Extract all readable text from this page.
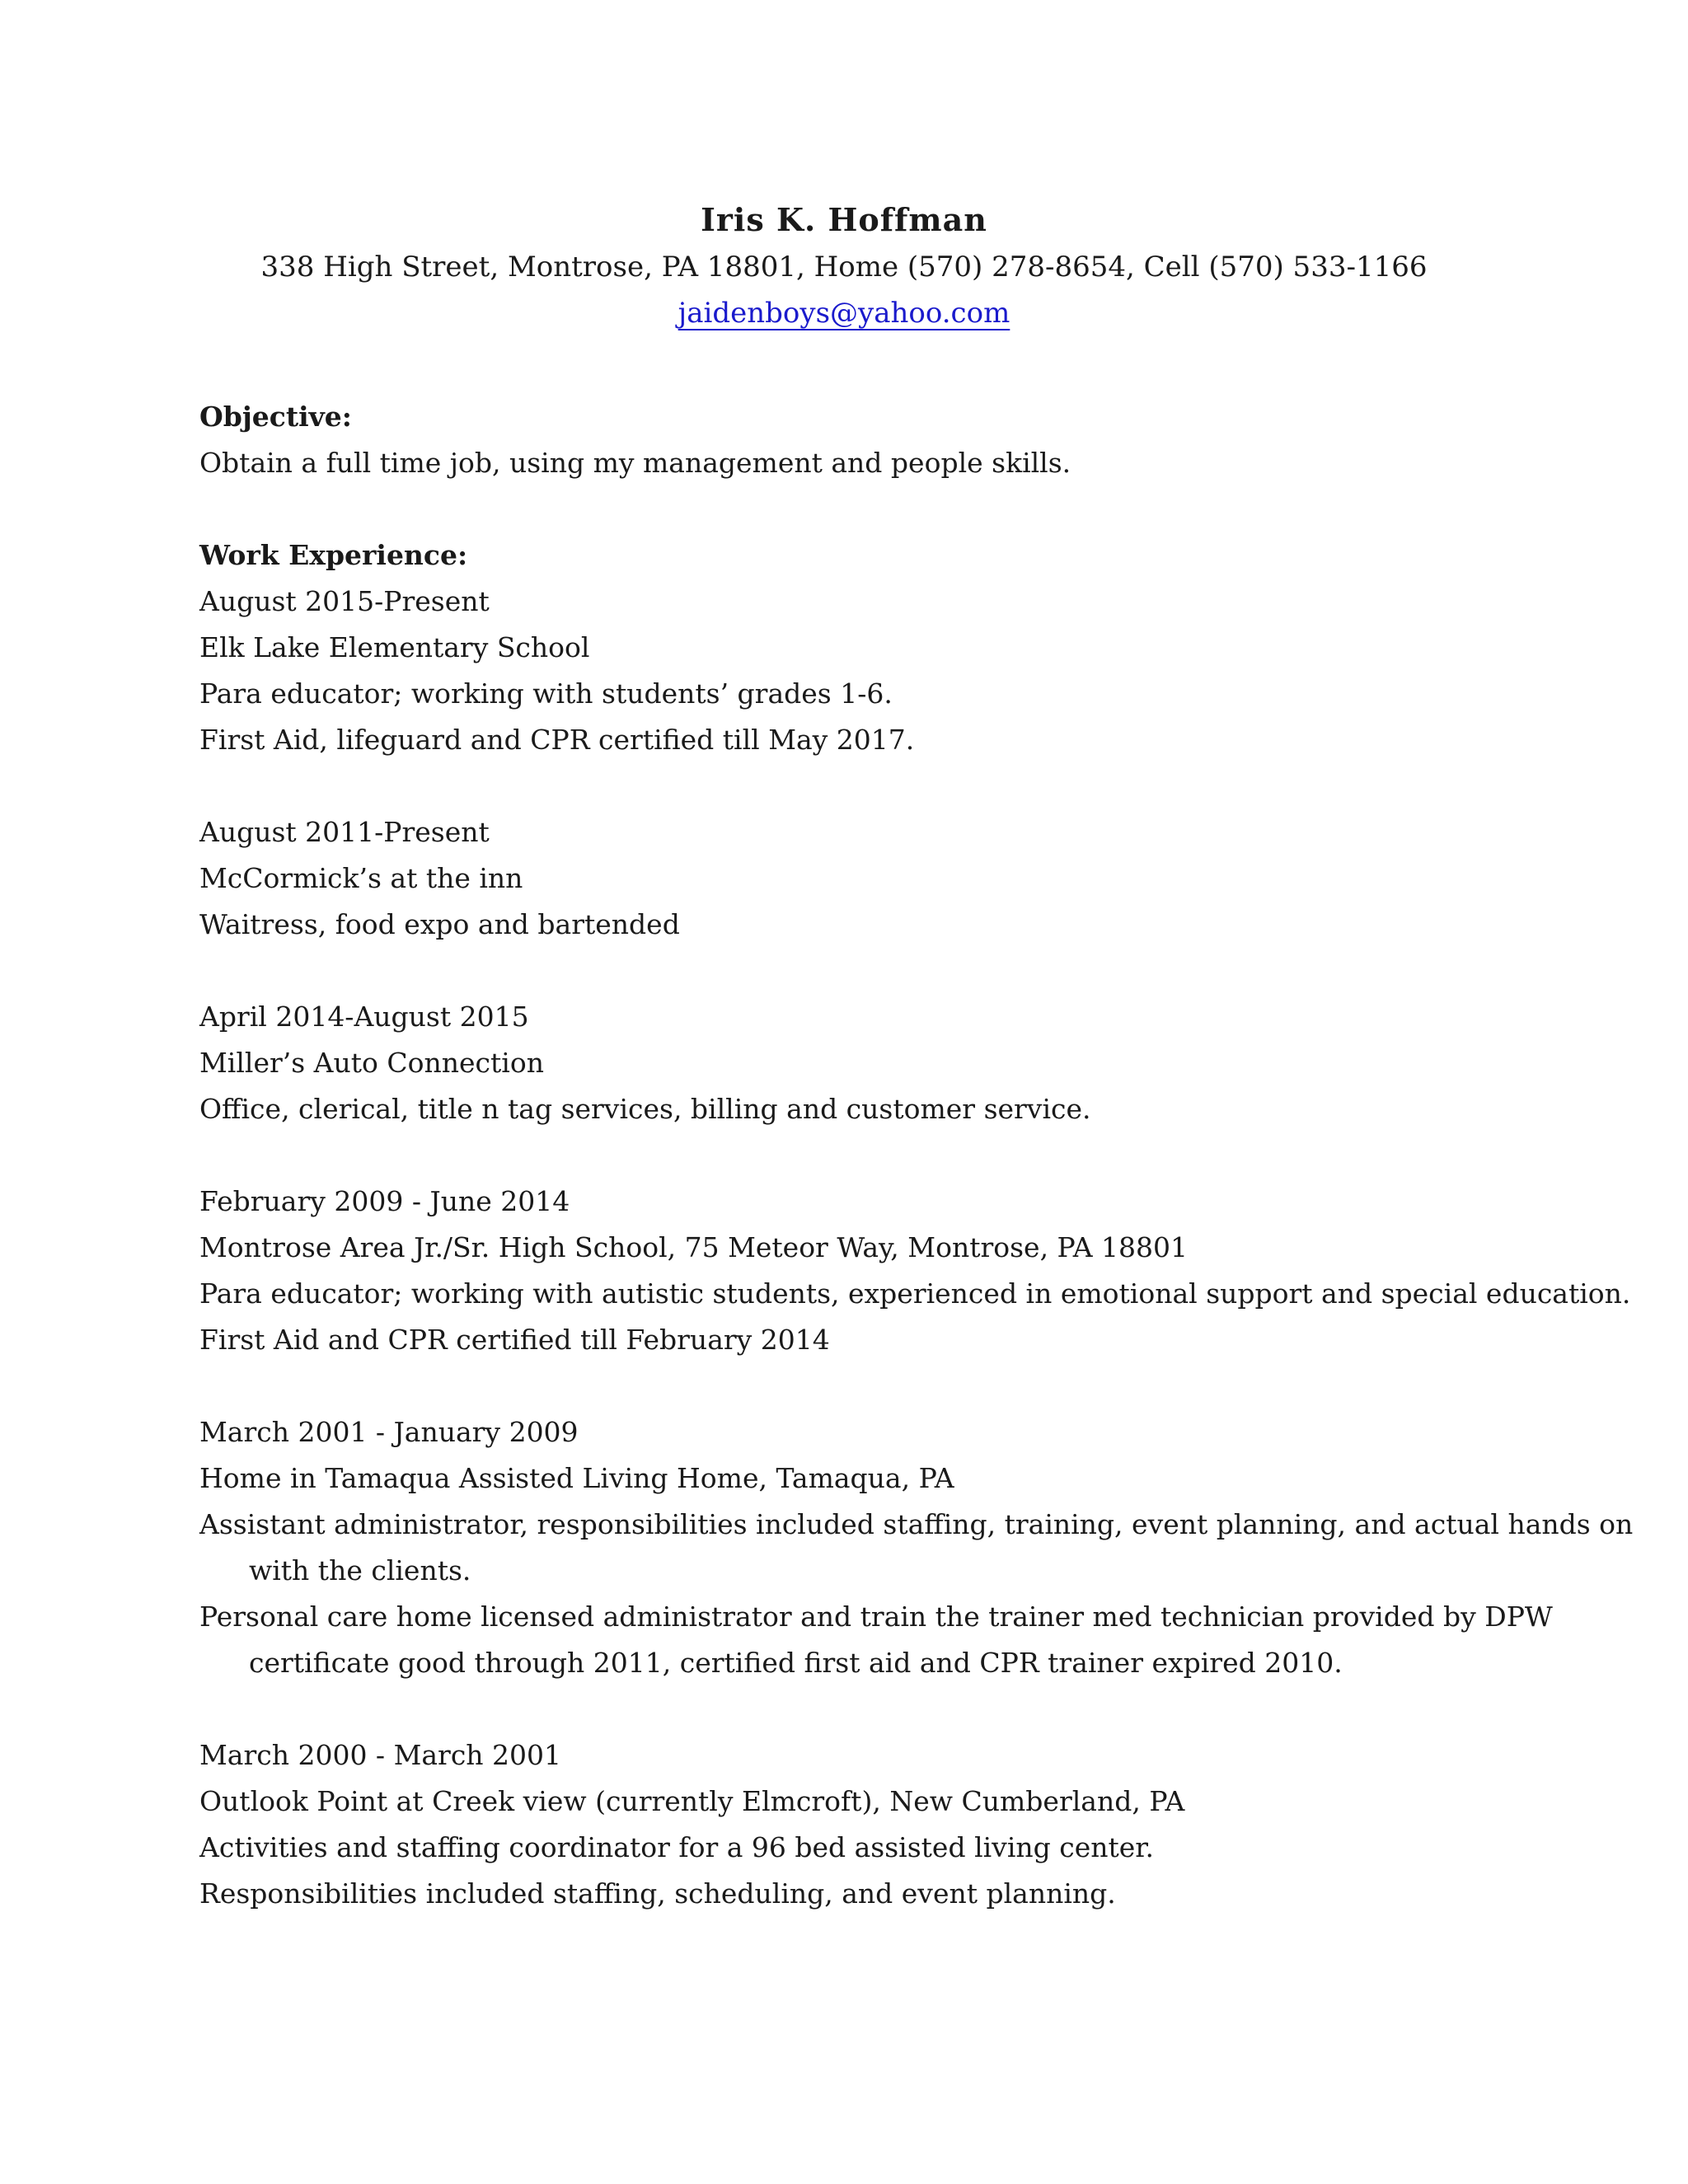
Iris K. Hoffman
338 High Street, Montrose, PA 18801, Home (570) 278-8654, Cell (570) 533-1166
jaidenboys@yahoo.com
Objective:
Obtain a full time job, using my management and people skills.
Work Experience:
August 2015-Present
Elk Lake Elementary School
Para educator; working with students’ grades 1-6.
First Aid, lifeguard and CPR certified till May 2017.
August 2011-Present
McCormick’s at the inn
Waitress, food expo and bartended
April 2014-August 2015
Miller’s Auto Connection
Office, clerical, title n tag services, billing and customer service.
February 2009 - June 2014
Montrose Area Jr./Sr. High School, 75 Meteor Way, Montrose, PA 18801
Para educator; working with autistic students, experienced in emotional support and special education.
First Aid and CPR certified till February 2014
March 2001 - January 2009
Home in Tamaqua Assisted Living Home, Tamaqua, PA
Assistant administrator, responsibilities included staffing, training, event planning, and actual hands on
with the clients.
Personal care home licensed administrator and train the trainer med technician provided by DPW
certificate good through 2011, certified first aid and CPR trainer expired 2010.
March 2000 - March 2001
Outlook Point at Creek view (currently Elmcroft), New Cumberland, PA
Activities and staffing coordinator for a 96 bed assisted living center.
Responsibilities included staffing, scheduling, and event planning.
